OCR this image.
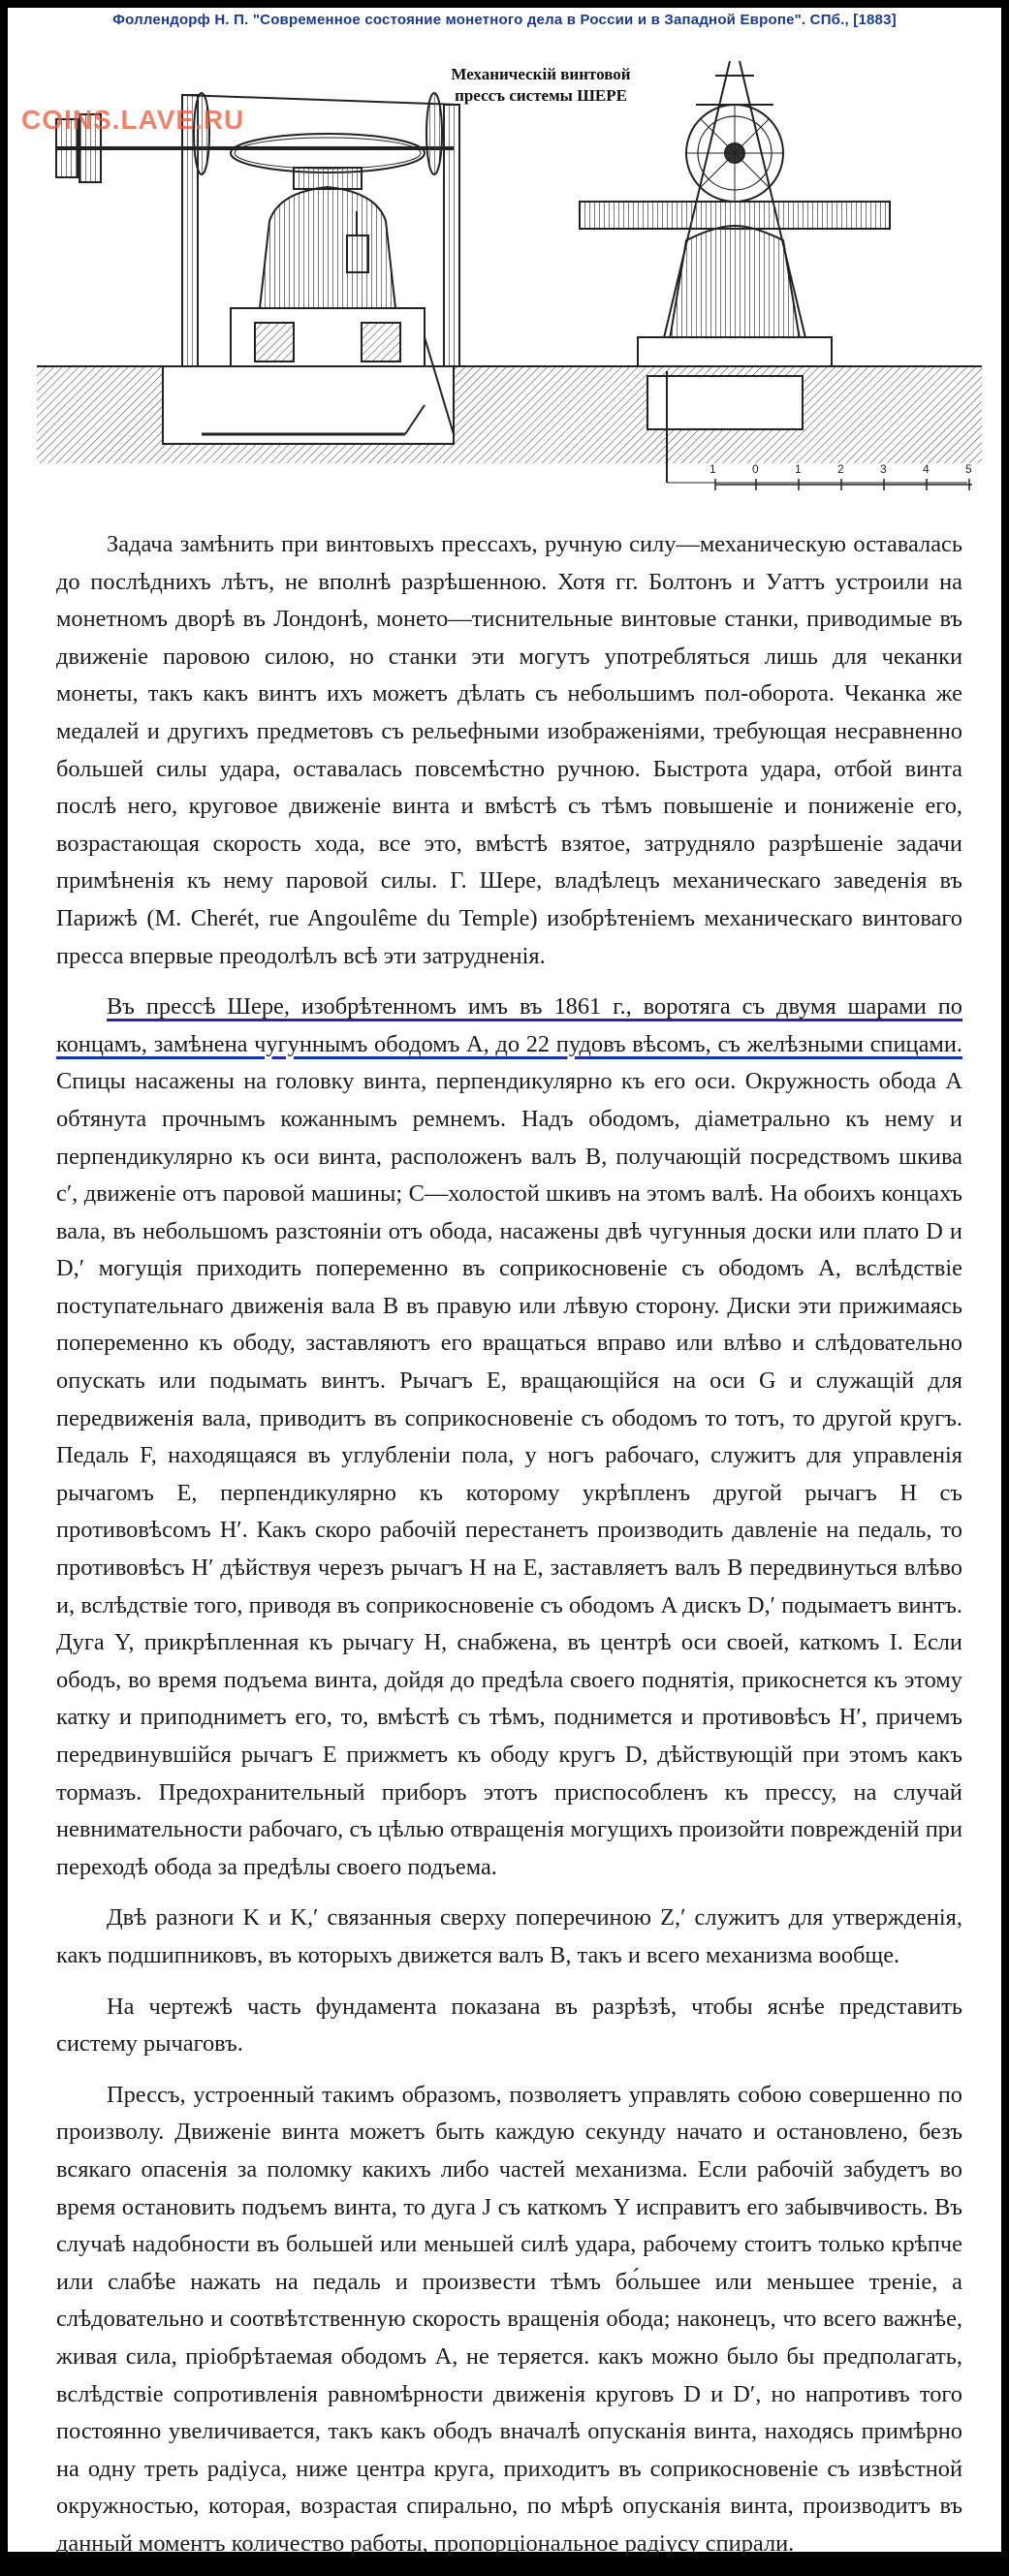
Фоллендорф Н. П. "Современное состояние монетного дела в России и в Западной Европе". СПб., [1883]
1	0	1	2	3	4	5
Механическій винтовой
прессъ системы ШЕРЕ
COINS.LAVE.RU

Задача замѣнить при винтовыхъ прессахъ, ручную силу—механическую оставалась до послѣднихъ лѣтъ, не вполнѣ разрѣшенною. Хотя гг. Болтонъ и Уаттъ устроили на монетномъ дворѣ въ Лондонѣ, монето—тиснительные винтовые станки, приводимые въ движеніе паровою силою, но станки эти могутъ употребляться лишь для чеканки монеты, такъ какъ винтъ ихъ можетъ дѣлать съ небольшимъ пол-оборота. Чеканка же медалей и другихъ предметовъ съ рельефными изображеніями, требующая несравненно большей силы удара, оставалась повсемѣстно ручною. Быстрота удара, отбой винта послѣ него, круговое движеніе винта и вмѣстѣ съ тѣмъ повышеніе и пониженіе его, возрастающая скорость хода, все это, вмѣстѣ взятое, затрудняло разрѣшеніе задачи примѣненія къ нему паровой силы. Г. Шере, владѣлецъ механическаго заведенія въ Парижѣ (M. Cherét, rue Angoulême du Temple) изобрѣтеніемъ механическаго винтоваго пресса впервые преодолѣлъ всѣ эти затрудненія.

Въ прессѣ Шере, изобрѣтенномъ имъ въ 1861 г., воротяга съ двумя шарами по концамъ, замѣнена чугуннымъ ободомъ A, до 22 пудовъ вѣсомъ, съ желѣзными спицами. Спицы насажены на головку винта, перпендикулярно къ его оси. Окружность обода A обтянута прочнымъ кожаннымъ ремнемъ. Надъ ободомъ, діаметрально къ нему и перпендикулярно къ оси винта, расположенъ валъ B, получающій посредствомъ шкива c′, движеніе отъ паровой машины; C—холостой шкивъ на этомъ валѣ. На обоихъ концахъ вала, въ небольшомъ разстояніи отъ обода, насажены двѣ чугунныя доски или плато D и D,′ могущія приходить попеременно въ соприкосновеніе съ ободомъ A, вслѣдствіе поступательнаго движенія вала B въ правую или лѣвую сторону. Диски эти прижимаясь попеременно къ ободу, заставляютъ его вращаться вправо или влѣво и слѣдовательно опускать или подымать винтъ. Рычагъ E, вращающійся на оси G и служащій для передвиженія вала, приводитъ въ соприкосновеніе съ ободомъ то тотъ, то другой кругъ. Педаль F, находящаяся въ углубленіи пола, у ногъ рабочаго, служитъ для управленія рычагомъ E, перпендикулярно къ которому укрѣпленъ другой рычагъ H съ противовѣсомъ H′. Какъ скоро рабочій перестанетъ производить давленіе на педаль, то противовѣсъ H′ дѣйствуя черезъ рычагъ H на E, заставляетъ валъ B передвинуться влѣво и, вслѣдствіе того, приводя въ соприкосновеніе съ ободомъ A дискъ D,′ подымаетъ винтъ. Дуга Y, прикрѣпленная къ рычагу H, снабжена, въ центрѣ оси своей, каткомъ I. Если ободъ, во время подъема винта, дойдя до предѣла своего поднятія, прикоснется къ этому катку и приподниметъ его, то, вмѣстѣ съ тѣмъ, поднимется и противовѣсъ H′, причемъ передвинувшійся рычагъ E прижметъ къ ободу кругъ D, дѣйствующій при этомъ какъ тормазъ. Предохранительный приборъ этотъ приспособленъ къ прессу, на случай невнимательности рабочаго, съ цѣлью отвращенія могущихъ произойти поврежденій при переходѣ обода за предѣлы своего подъема.

Двѣ разноги K и K,′ связанныя сверху поперечиною Z,′ служитъ для утвержденія, какъ подшипниковъ, въ которыхъ движется валъ B, такъ и всего механизма вообще.

На чертежѣ часть фундамента показана въ разрѣзѣ, чтобы яснѣе представить систему рычаговъ.

Прессъ, устроенный такимъ образомъ, позволяетъ управлять собою совершенно по произволу. Движеніе винта можетъ быть каждую секунду начато и остановлено, безъ всякаго опасенія за поломку какихъ либо частей механизма. Если рабочій забудетъ во время остановить подъемъ винта, то дуга J съ каткомъ Y исправитъ его забывчивость. Въ случаѣ надобности въ большей или меньшей силѣ удара, рабочему стоитъ только крѣпче или слабѣе нажать на педаль и произвести тѣмъ бо́льшее или меньшее треніе, а слѣдовательно и соотвѣтственную скорость вращенія обода; наконецъ, что всего важнѣе, живая сила, пріобрѣтаемая ободомъ A, не теряется. какъ можно было бы предполагать, вслѣдствіе сопротивленія равномѣрности движенія круговъ D и D′, но напротивъ того постоянно увеличивается, такъ какъ ободъ вначалѣ опусканія винта, находясь примѣрно на одну треть радіуса, ниже центра круга, приходитъ въ соприкосновеніе съ извѣстной окружностью, которая, возрастая спирально, по мѣрѣ опусканія винта, производитъ въ данный моментъ количество работы, пропорціональное радіусу спирали.
